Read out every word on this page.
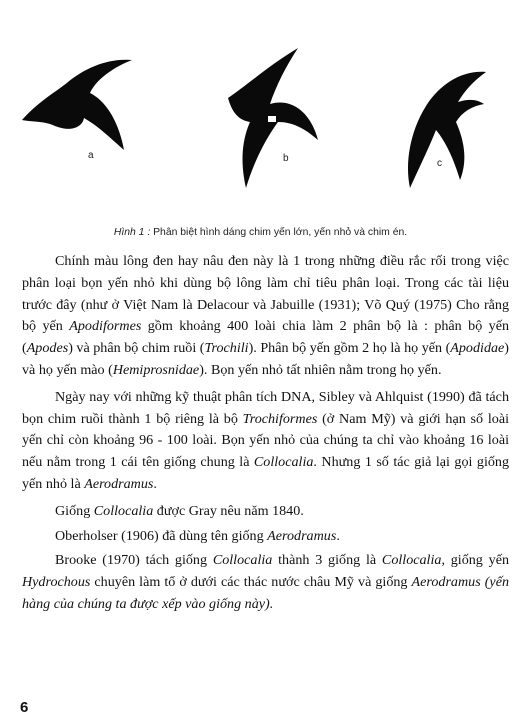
a	b	c
Hình 1 : Phân biệt hình dáng chim yến lớn, yến nhỏ và chim én.

Chính màu lông đen hay nâu đen này là 1 trong những điều rắc rối trong việc phân loại bọn yến nhỏ khi dùng bộ lông làm chỉ tiêu phân loại. Trong các tài liệu trước đây (như ở Việt Nam là Delacour và Jabuille (1931); Võ Quý (1975) Cho rằng bộ yến Apodiformes gồm khoảng 400 loài chia làm 2 phân bộ là : phân bộ yến (Apodes) và phân bộ chim ruồi (Trochili). Phân bộ yến gồm 2 họ là họ yến (Apodidae) và họ yến mào (Hemiprosnidae). Bọn yến nhỏ tất nhiên nằm trong họ yến.

Ngày nay với những kỹ thuật phân tích DNA, Sibley và Ahlquist (1990) đã tách bọn chim ruồi thành 1 bộ riêng là bộ Trochiformes (ở Nam Mỹ) và giới hạn số loài yến chỉ còn khoảng 96 - 100 loài. Bọn yến nhỏ của chúng ta chỉ vào khoảng 16 loài nếu nằm trong 1 cái tên giống chung là Collocalia. Nhưng 1 số tác giả lại gọi giống yến nhỏ là Aerodramus.

Giống Collocalia được Gray nêu năm 1840.

Oberholser (1906) đã dùng tên giống Aerodramus.

Brooke (1970) tách giống Collocalia thành 3 giống là Collocalia, giống yến Hydrochous chuyên làm tổ ở dưới các thác nước châu Mỹ và giống Aerodramus (yến hàng của chúng ta được xếp vào giống này).

6
